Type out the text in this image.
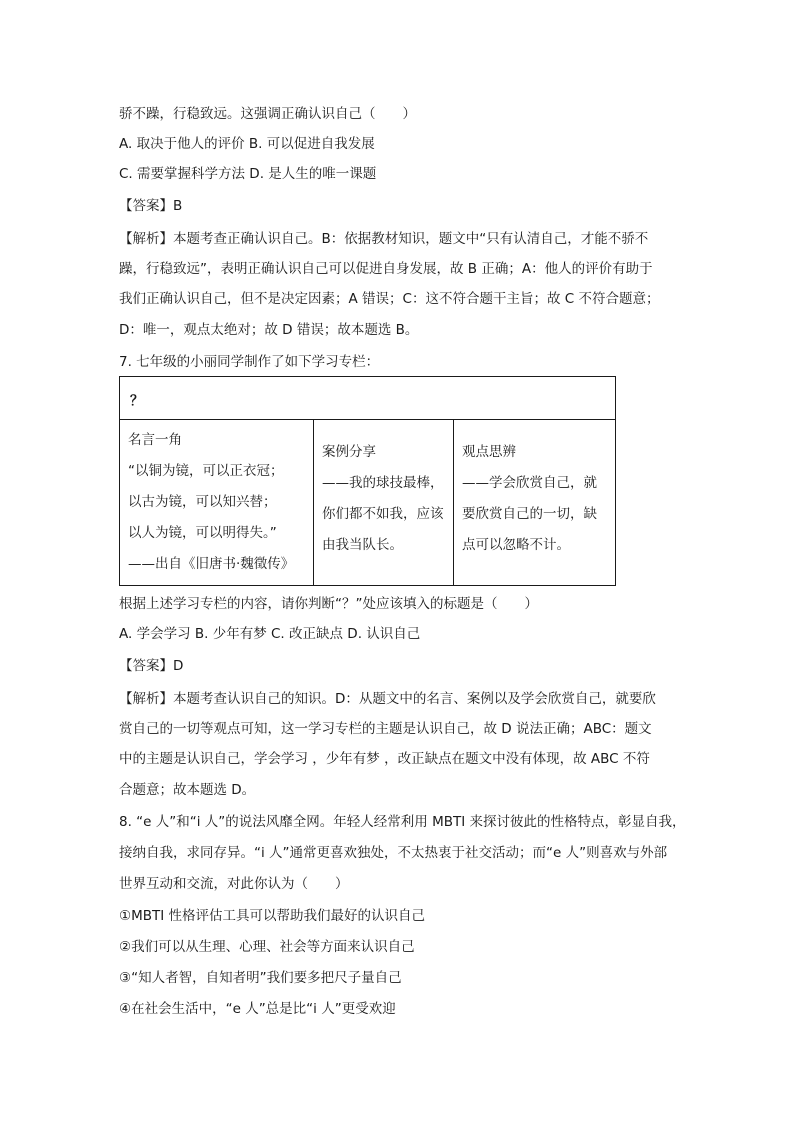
骄不躁，行稳致远。这强调正确认识自己（　　）
A. 取决于他人的评价 B. 可以促进自我发展
C. 需要掌握科学方法 D. 是人生的唯一课题
【答案】B
【解析】本题考查正确认识自己。B：依据教材知识，题文中“只有认清自己，才能不骄不
躁，行稳致远”，表明正确认识自己可以促进自身发展，故 B 正确；A：他人的评价有助于
我们正确认识自己，但不是决定因素；A 错误；C：这不符合题干主旨；故 C 不符合题意；
D：唯一，观点太绝对；故 D 错误；故本题选 B。
7. 七年级的小丽同学制作了如下学习专栏：
？

名言一角
“以铜为镜，可以正衣冠；
以古为镜，可以知兴替；
以人为镜，可以明得失。”
——出自《旧唐书·魏徵传》

案例分享
——我的球技最棒，
你们都不如我，应该
由我当队长。

观点思辨
——学会欣赏自己，就
要欣赏自己的一切，缺
点可以忽略不计。
根据上述学习专栏的内容，请你判断“？”处应该填入的标题是（　　）
A. 学会学习 B. 少年有梦 C. 改正缺点 D. 认识自己
【答案】D
【解析】本题考查认识自己的知识。D：从题文中的名言、案例以及学会欣赏自己，就要欣
赏自己的一切等观点可知，这一学习专栏的主题是认识自己，故 D 说法正确；ABC：题文
中的主题是认识自己，学会学习 ，少年有梦 ，改正缺点在题文中没有体现，故 ABC 不符
合题意；故本题选 D。
8. “e 人”和“i 人”的说法风靡全网。年轻人经常利用 MBTI 来探讨彼此的性格特点，彰显自我，
接纳自我，求同存异。“i 人”通常更喜欢独处，不太热衷于社交活动；而“e 人”则喜欢与外部
世界互动和交流，对此你认为（　　）
①MBTI 性格评估工具可以帮助我们最好的认识自己
②我们可以从生理、心理、社会等方面来认识自己
③“知人者智，自知者明”我们要多把尺子量自己
④在社会生活中，“e 人”总是比“i 人”更受欢迎
